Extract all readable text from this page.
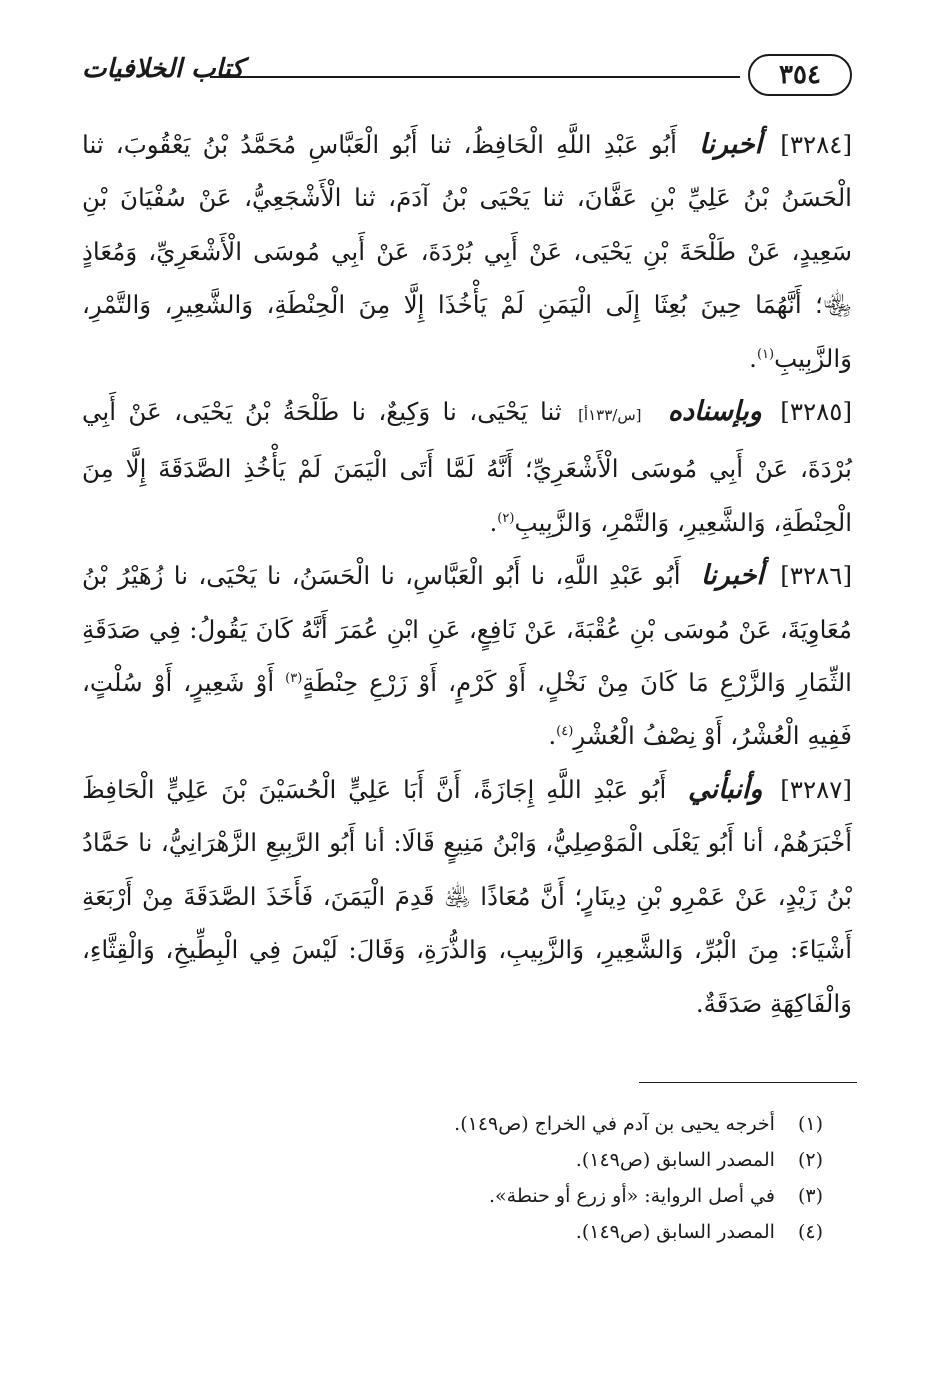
٣٥٤
كتاب الخلافيات

[٣٢٨٤] أخبرنا أَبُو عَبْدِ اللَّهِ الْحَافِظُ، ثنا أَبُو الْعَبَّاسِ مُحَمَّدُ بْنُ يَعْقُوبَ، ثنا الْحَسَنُ بْنُ عَلِيِّ بْنِ عَفَّانَ، ثنا يَحْيَى بْنُ آدَمَ، ثنا الْأَشْجَعِيُّ، عَنْ سُفْيَانَ بْنِ سَعِيدٍ، عَنْ طَلْحَةَ بْنِ يَحْيَى، عَنْ أَبِي بُرْدَةَ، عَنْ أَبِي مُوسَى الْأَشْعَرِيِّ، وَمُعَاذٍ ﵄؛ أَنَّهُمَا حِينَ بُعِثَا إِلَى الْيَمَنِ لَمْ يَأْخُذَا إِلَّا مِنَ الْحِنْطَةِ، وَالشَّعِيرِ، وَالتَّمْرِ، وَالزَّبِيبِ$^{(١)}$.

[٣٢٨٥] وبإسناده [س/١٣٣أ] ثنا يَحْيَى، نا وَكِيعٌ، نا طَلْحَةُ بْنُ يَحْيَى، عَنْ أَبِي بُرْدَةَ، عَنْ أَبِي مُوسَى الْأَشْعَرِيِّ؛ أَنَّهُ لَمَّا أَتَى الْيَمَنَ لَمْ يَأْخُذِ الصَّدَقَةَ إِلَّا مِنَ الْحِنْطَةِ، وَالشَّعِيرِ، وَالتَّمْرِ، وَالزَّبِيبِ$^{(٢)}$.

[٣٢٨٦] أخبرنا أَبُو عَبْدِ اللَّهِ، نا أَبُو الْعَبَّاسِ، نا الْحَسَنُ، نا يَحْيَى، نا زُهَيْرُ بْنُ مُعَاوِيَةَ، عَنْ مُوسَى بْنِ عُقْبَةَ، عَنْ نَافِعٍ، عَنِ ابْنِ عُمَرَ أَنَّهُ كَانَ يَقُولُ: فِي صَدَقَةِ الثِّمَارِ وَالزَّرْعِ مَا كَانَ مِنْ نَخْلٍ، أَوْ كَرْمٍ، أَوْ زَرْعِ حِنْطَةٍ$^{(٣)}$ أَوْ شَعِيرٍ، أَوْ سُلْتٍ، فَفِيهِ الْعُشْرُ، أَوْ نِصْفُ الْعُشْرِ$^{(٤)}$.

[٣٢٨٧] وأنبأني أَبُو عَبْدِ اللَّهِ إِجَازَةً، أَنَّ أَبَا عَلِيٍّ الْحُسَيْنَ بْنَ عَلِيٍّ الْحَافِظَ أَخْبَرَهُمْ، أنا أَبُو يَعْلَى الْمَوْصِلِيُّ، وَابْنُ مَنِيعٍ قَالَا: أنا أَبُو الرَّبِيعِ الزَّهْرَانِيُّ، نا حَمَّادُ بْنُ زَيْدٍ، عَنْ عَمْرِو بْنِ دِينَارٍ؛ أَنَّ مُعَاذًا ﵁ قَدِمَ الْيَمَنَ، فَأَخَذَ الصَّدَقَةَ مِنْ أَرْبَعَةِ أَشْيَاءَ: مِنَ الْبُرِّ، وَالشَّعِيرِ، وَالزَّبِيبِ، وَالذُّرَةِ، وَقَالَ: لَيْسَ فِي الْبِطِّيخِ، وَالْقِثَّاءِ، وَالْفَاكِهَةِ صَدَقَةٌ.

(١) أخرجه يحيى بن آدم في الخراج (ص١٤٩).
(٢) المصدر السابق (ص١٤٩).
(٣) في أصل الرواية: «أو زرع أو حنطة».
(٤) المصدر السابق (ص١٤٩).
